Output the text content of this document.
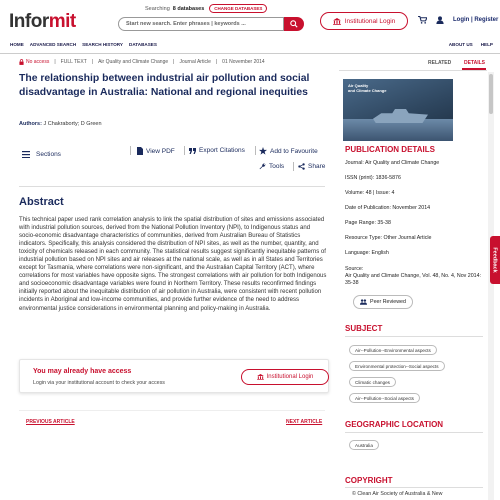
Informit
Searching 8 databases	CHANGE DATABASES
Start new search. Enter phrases | keywords ...	Institutional Login	Login | Register
HOME ADVANCED SEARCH SEARCH HISTORY DATABASES	ABOUT US HELP
No access | FULL TEXT | Air Quality and Climate Change | Journal Article | 01 November 2014
The relationship between industrial air pollution and social disadvantage in Australia: National and regional inequities
Authors: J Chakraborty; D Green
Sections	View PDF	Export Citations	Add to Favourite
Tools	Share
Abstract

This technical paper used rank correlation analysis to link the spatial distribution of sites and emissions associated with industrial pollution sources, derived from the National Pollution Inventory (NPI), to Indigenous status and socio-economic disadvantage characteristics of communities, derived from Australian Bureau of Statistics indicators. Specifically, this analysis considered the distribution of NPI sites, as well as the number, quantity, and toxicity of chemicals released in each community. The statistical results suggest significantly inequitable patterns of industrial pollution based on NPI sites and air releases at the national scale, as well as in all States and Territories except for Tasmania, where correlations were non-significant, and the Australian Capital Territory (ACT), where correlations for most variables have opposite signs. The strongest correlations with air pollution for both Indigenous and socioeconomic disadvantage variables were found in Northern Territory. These results reconfirmed findings initially reported about the inequitable distribution of air pollution in Australia, were consistent with recent pollution incidents in Aboriginal and low-income communities, and provide further evidence of the need to address environmental justice considerations in environmental planning and policy-making in Australia.

You may already have access
Login via your institutional account to check your access
Institutional Login
PREVIOUS ARTICLE	NEXT ARTICLE
RELATED	DETAILS
Air Quality
and Climate Change
PUBLICATION DETAILS
Journal: Air Quality and Climate Change
ISSN (print): 1836-5876
Volume: 48 | Issue: 4
Date of Publication: November 2014
Page Range: 35-38
Resource Type: Other Journal Article
Language: English
Source:
Air Quality and Climate Change, Vol. 48, No. 4, Nov 2014: 35-38
Peer Reviewed
SUBJECT
Air--Pollution--Environmental aspects
Environmental protection--Social aspects
Climatic changes
Air--Pollution--Social aspects
GEOGRAPHIC LOCATION
Australia
COPYRIGHT
© Clean Air Society of Australia & New
Feedback
